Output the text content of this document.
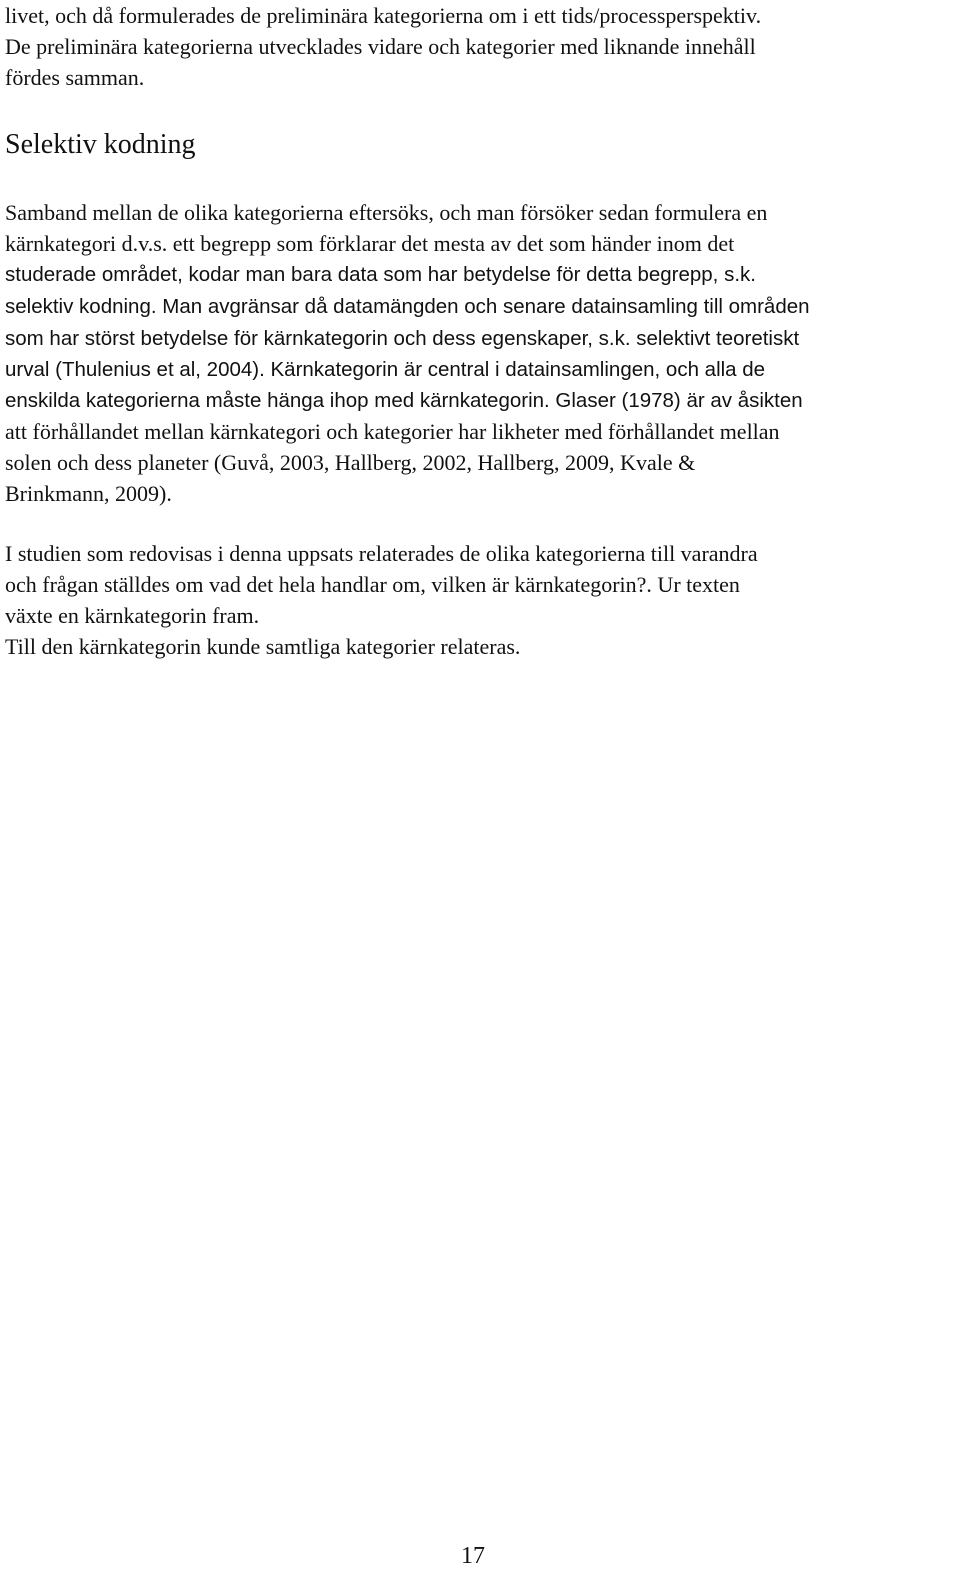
livet, och då formulerades de preliminära kategorierna om i ett tids/processperspektiv.
De preliminära kategorierna utvecklades vidare och kategorier med liknande innehåll
fördes samman.
Selektiv kodning
Samband mellan de olika kategorierna eftersöks, och man försöker sedan formulera en
kärnkategori d.v.s. ett begrepp som förklarar det mesta av det som händer inom det
studerade området, kodar man bara data som har betydelse för detta begrepp, s.k.
selektiv kodning. Man avgränsar då datamängden och senare datainsamling till områden
som har störst betydelse för kärnkategorin och dess egenskaper, s.k. selektivt teoretiskt
urval (Thulenius et al, 2004). Kärnkategorin är central i datainsamlingen, och alla de
enskilda kategorierna måste hänga ihop med kärnkategorin. Glaser (1978) är av åsikten
att förhållandet mellan kärnkategori och kategorier har likheter med förhållandet mellan
solen och dess planeter (Guvå, 2003, Hallberg, 2002, Hallberg, 2009, Kvale &
Brinkmann, 2009).
I studien som redovisas i denna uppsats relaterades de olika kategorierna till varandra
och frågan ställdes om vad det hela handlar om, vilken är kärnkategorin?. Ur texten
växte en kärnkategorin fram.
Till den kärnkategorin kunde samtliga kategorier relateras.
17
